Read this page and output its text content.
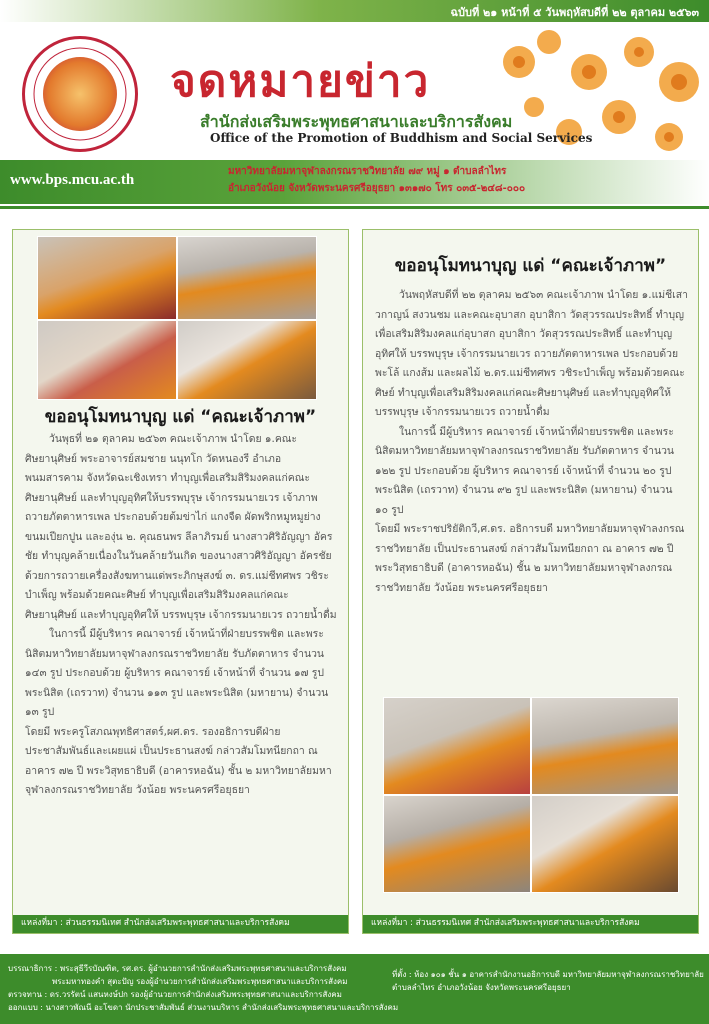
ฉบับที่ ๒๑ หน้าที่ ๕ วันพฤหัสบดีที่ ๒๒ ตุลาคม ๒๕๖๓
จดหมายข่าว
สำนักส่งเสริมพระพุทธศาสนาและบริการสังคม
Office of the Promotion of Buddhism and Social Services
www.bps.mcu.ac.th
มหาวิทยาลัยมหาจุฬาลงกรณราชวิทยาลัย ๗๙ หมู่ ๑ ตำบลลำไทร
อำเภอวังน้อย จังหวัดพระนครศรีอยุธยา ๑๓๑๗๐ โทร ๐๓๕-๒๔๘-๐๐๐
ขออนุโมทนาบุญ แด่ “คณะเจ้าภาพ”

วันพุธที่ ๒๑ ตุลาคม ๒๕๖๓ คณะเจ้าภาพ นำโดย ๑.คณะศิษยานุศิษย์ พระอาจารย์สมชาย นนุทโก วัดหนองรี อำเภอพนมสารคาม จังหวัดฉะเชิงเทรา ทำบุญเพื่อเสริมสิริมงคลแก่คณะศิษยานุศิษย์ และทำบุญอุทิศให้บรรพบุรุษ เจ้ากรรมนายเวร เจ้าภาพถวายภัตตาหารเพล ประกอบด้วยต้มข่าไก่ แกงจืด ผัดพริกหมูหมูย่าง ขนมเปียกปูน และองุ่น ๒. คุณธนพร ลีลาภิรมย์ นางสาวศิริอัญญา อัครชัย ทำบุญคล้ายเนื่องในวันคล้ายวันเกิด ของนางสาวศิริอัญญา อัครชัย ด้วยการถวายเครื่องสังฆทานแด่พระภิกษุสงฆ์ ๓. ดร.แม่ชีทศพร วชิระบำเพ็ญ พร้อมด้วยคณะศิษย์ ทำบุญเพื่อเสริมสิริมงคลแก่คณะศิษยานุศิษย์ และทำบุญอุทิศให้ บรรพบุรุษ เจ้ากรรมนายเวร ถวายน้ำดื่ม

ในการนี้ มีผู้บริหาร คณาจารย์ เจ้าหน้าที่ฝ่ายบรรพชิต และพระนิสิตมหาวิทยาลัยมหาจุฬาลงกรณราชวิทยาลัย รับภัตตาหาร จำนวน ๑๔๓ รูป ประกอบด้วย ผู้บริหาร คณาจารย์ เจ้าหน้าที่ จำนวน ๑๗ รูป พระนิสิต (เถรวาท) จำนวน ๑๑๓ รูป และพระนิสิต (มหายาน) จำนวน ๑๓ รูป

โดยมี พระครูโสภณพุทธิศาสตร์,ผศ.ดร. รองอธิการบดีฝ่ายประชาสัมพันธ์และเผยแผ่ เป็นประธานสงฆ์ กล่าวสัมโมทนียกถา ณ อาคาร ๗๒ ปี พระวิสุทธาธิบดี (อาคารหอฉัน) ชั้น ๒ มหาวิทยาลัยมหาจุฬาลงกรณราชวิทยาลัย วังน้อย พระนครศรีอยุธยา

แหล่งที่มา : ส่วนธรรมนิเทศ สำนักส่งเสริมพระพุทธศาสนาและบริการสังคม
ขออนุโมทนาบุญ แด่ “คณะเจ้าภาพ”

วันพฤหัสบดีที่ ๒๒ ตุลาคม ๒๕๖๓ คณะเจ้าภาพ นำโดย ๑.แม่ชีเสาวกาญน์ สงวนชม และคณะอุบาสก อุบาสิกา วัดสุวรรณประสิทธิ์ ทำบุญเพื่อเสริมสิริมงคลแก่อุบาสก อุบาสิกา วัดสุวรรณประสิทธิ์ และทำบุญอุทิศให้ บรรพบุรุษ เจ้ากรรมนายเวร ถวายภัตตาหารเพล ประกอบด้วยพะโล้ แกงส้ม และผลไม้ ๒.ดร.แม่ชีทศพร วชิระบำเพ็ญ พร้อมด้วยคณะศิษย์ ทำบุญเพื่อเสริมสิริมงคลแก่คณะศิษยานุศิษย์ และทำบุญอุทิศให้บรรพบุรุษ เจ้ากรรมนายเวร ถวายน้ำดื่ม

ในการนี้ มีผู้บริหาร คณาจารย์ เจ้าหน้าที่ฝ่ายบรรพชิต และพระนิสิตมหาวิทยาลัยมหาจุฬาลงกรณราชวิทยาลัย รับภัตตาหาร จำนวน ๑๒๒ รูป ประกอบด้วย ผู้บริหาร คณาจารย์ เจ้าหน้าที่ จำนวน ๒๐ รูป พระนิสิต (เถรวาท) จำนวน ๙๒ รูป และพระนิสิต (มหายาน) จำนวน ๑๐ รูป

โดยมี พระราชปริยัติกวี,ศ.ดร. อธิการบดี มหาวิทยาลัยมหาจุฬาลงกรณราชวิทยาลัย เป็นประธานสงฆ์ กล่าวสัมโมทนียกถา ณ อาคาร ๗๒ ปี พระวิสุทธาธิบดี (อาคารหอฉัน) ชั้น ๒ มหาวิทยาลัยมหาจุฬาลงกรณราชวิทยาลัย วังน้อย พระนครศรีอยุธยา

แหล่งที่มา : ส่วนธรรมนิเทศ สำนักส่งเสริมพระพุทธศาสนาและบริการสังคม
บรรณาธิการ : พระสุธีวีรบัณฑิต, รศ.ดร. ผู้อำนวยการสำนักส่งเสริมพระพุทธศาสนาและบริการสังคม
พระมหาทองคำ สุตะปัญ รองผู้อำนวยการสำนักส่งเสริมพระพุทธศาสนาและบริการสังคม
ตรวจทาน : ดร.วรรัตน์ แสนหงษ์ปก รองผู้อำนวยการสำนักส่งเสริมพระพุทธศาสนาและบริการสังคม
ออกแบบ : นางสาวพัณนี อะโขดา นักประชาสัมพันธ์ ส่วนงานบริหาร สำนักส่งเสริมพระพุทธศาสนาและบริการสังคม
ที่ตั้ง : ห้อง ๑๐๑ ชั้น ๑ อาคารสำนักงานอธิการบดี มหาวิทยาลัยมหาจุฬาลงกรณราชวิทยาลัย
ตำบลลำไทร อำเภอวังน้อย จังหวัดพระนครศรีอยุธยา
